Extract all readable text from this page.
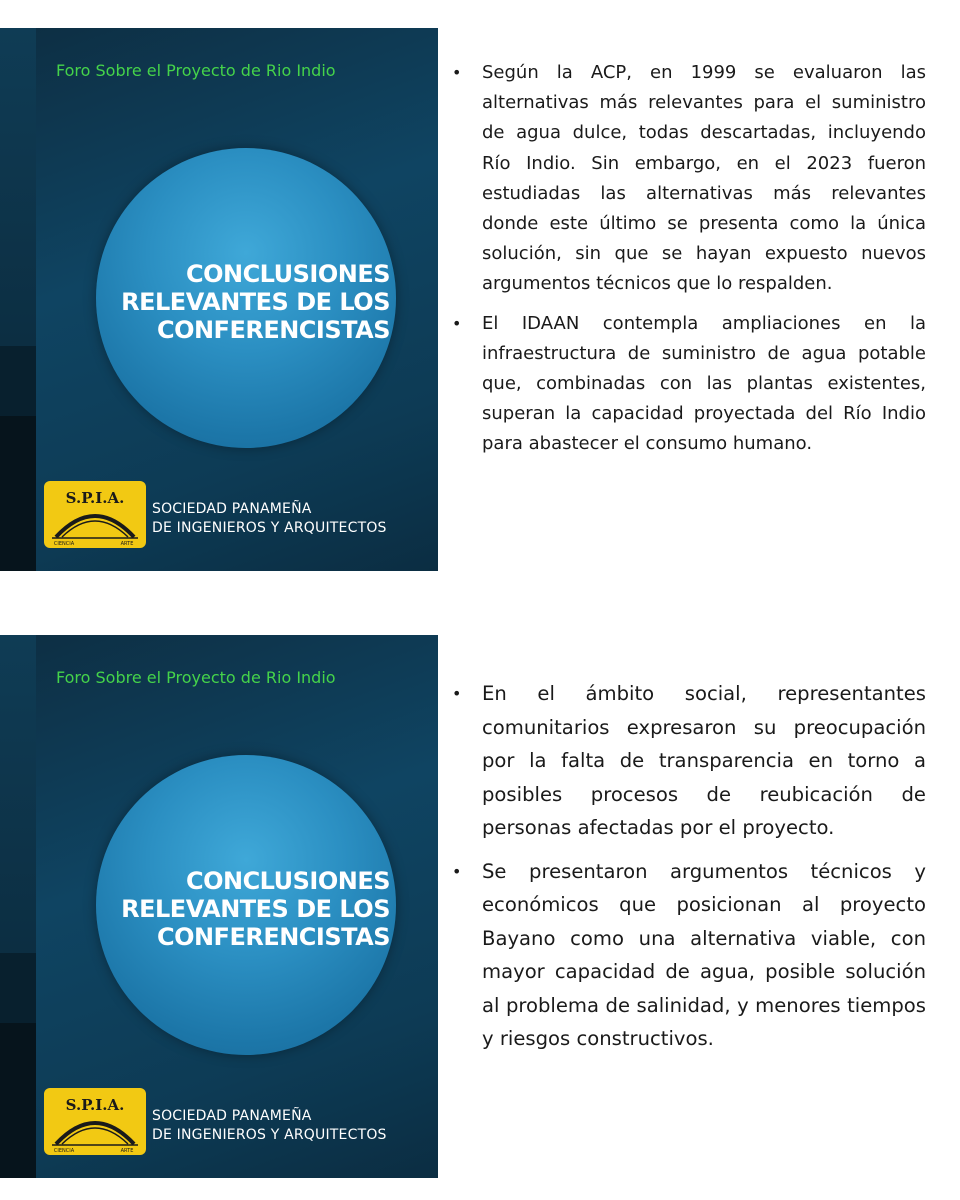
Foro Sobre el Proyecto de Rio Indio
CONCLUSIONES
RELEVANTES DE LOS
CONFERENCISTAS
S.P.I.A.
CIENCIA	ARTE
SOCIEDAD PANAMEÑA
DE INGENIEROS Y ARQUITECTOS
• Según la ACP, en 1999 se evaluaron las alternativas más relevantes para el suministro de agua dulce, todas descartadas, incluyendo Río Indio. Sin embargo, en el 2023 fueron estudiadas las alternativas más relevantes donde este último se presenta como la única solución, sin que se hayan expuesto nuevos argumentos técnicos que lo respalden.
• El IDAAN contempla ampliaciones en la infraestructura de suministro de agua potable que, combinadas con las plantas existentes, superan la capacidad proyectada del Río Indio para abastecer el consumo humano.
Foro Sobre el Proyecto de Rio Indio
CONCLUSIONES
RELEVANTES DE LOS
CONFERENCISTAS
S.P.I.A.
CIENCIA	ARTE
SOCIEDAD PANAMEÑA
DE INGENIEROS Y ARQUITECTOS
• En el ámbito social, representantes comunitarios expresaron su preocupación por la falta de transparencia en torno a posibles procesos de reubicación de personas afectadas por el proyecto.
• Se presentaron argumentos técnicos y económicos que posicionan al proyecto Bayano como una alternativa viable, con mayor capacidad de agua, posible solución al problema de salinidad, y menores tiempos y riesgos constructivos.
